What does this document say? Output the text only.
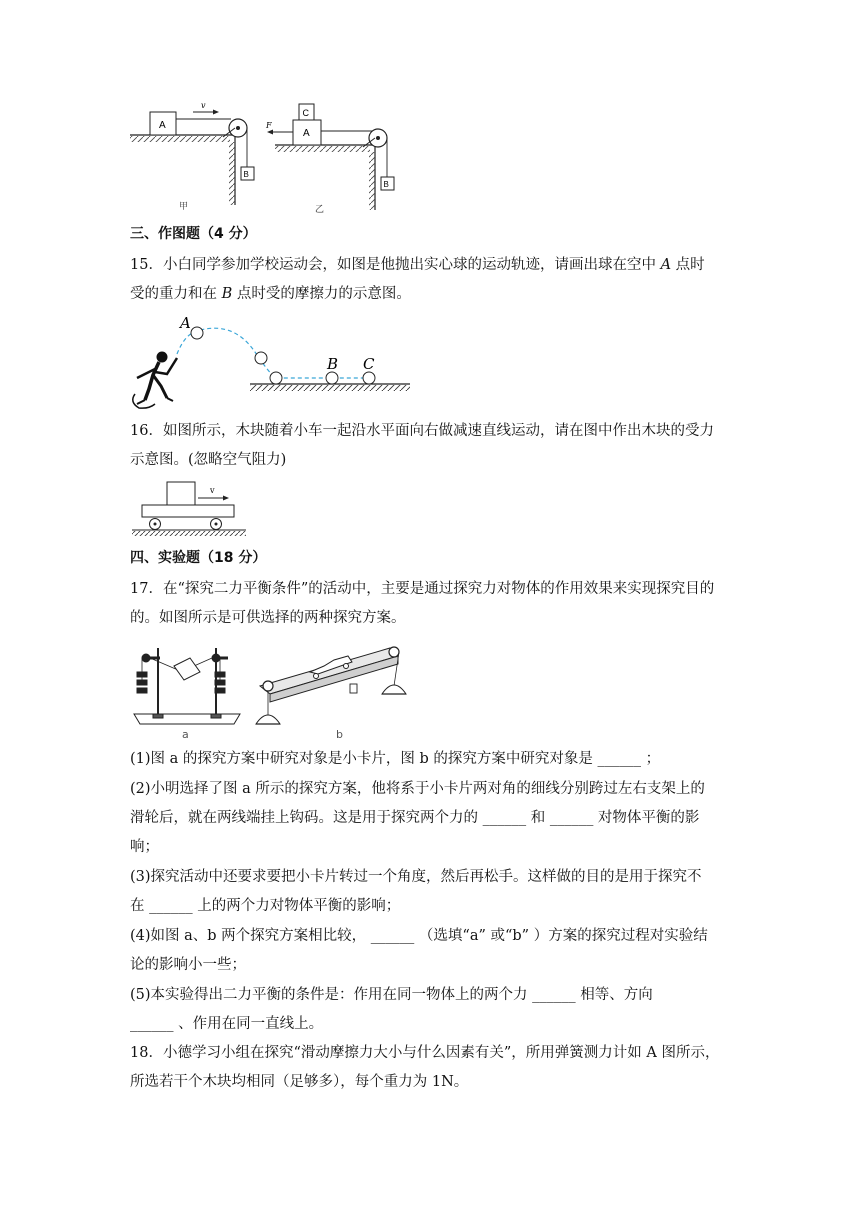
A
B
v
甲
A
C
B
F
乙
三、作图题（4 分）
15．小白同学参加学校运动会，如图是他抛出实心球的运动轨迹，请画出球在空中 A 点时
受的重力和在 B 点时受的摩擦力的示意图。
A
B C
16．如图所示，木块随着小车一起沿水平面向右做减速直线运动，请在图中作出木块的受力
示意图。(忽略空气阻力)
v
四、实验题（18 分）
17．在“探究二力平衡条件”的活动中，主要是通过探究力对物体的作用效果来实现探究目的
的。如图所示是可供选择的两种探究方案。
a	b
(1)图 a 的探究方案中研究对象是小卡片，图 b 的探究方案中研究对象是 ______ ；
(2)小明选择了图 a 所示的探究方案，他将系于小卡片两对角的细线分别跨过左右支架上的
滑轮后，就在两线端挂上钩码。这是用于探究两个力的 ______ 和 ______ 对物体平衡的影
响；
(3)探究活动中还要求要把小卡片转过一个角度，然后再松手。这样做的目的是用于探究不
在 ______ 上的两个力对物体平衡的影响；
(4)如图 a、b 两个探究方案相比较， ______ （选填“a” 或“b” ）方案的探究过程对实验结
论的影响小一些；
(5)本实验得出二力平衡的条件是：作用在同一物体上的两个力 ______ 相等、方向
______ 、作用在同一直线上。
18．小德学习小组在探究“滑动摩擦力大小与什么因素有关”，所用弹簧测力计如 A 图所示，
所选若干个木块均相同（足够多），每个重力为 1N。
